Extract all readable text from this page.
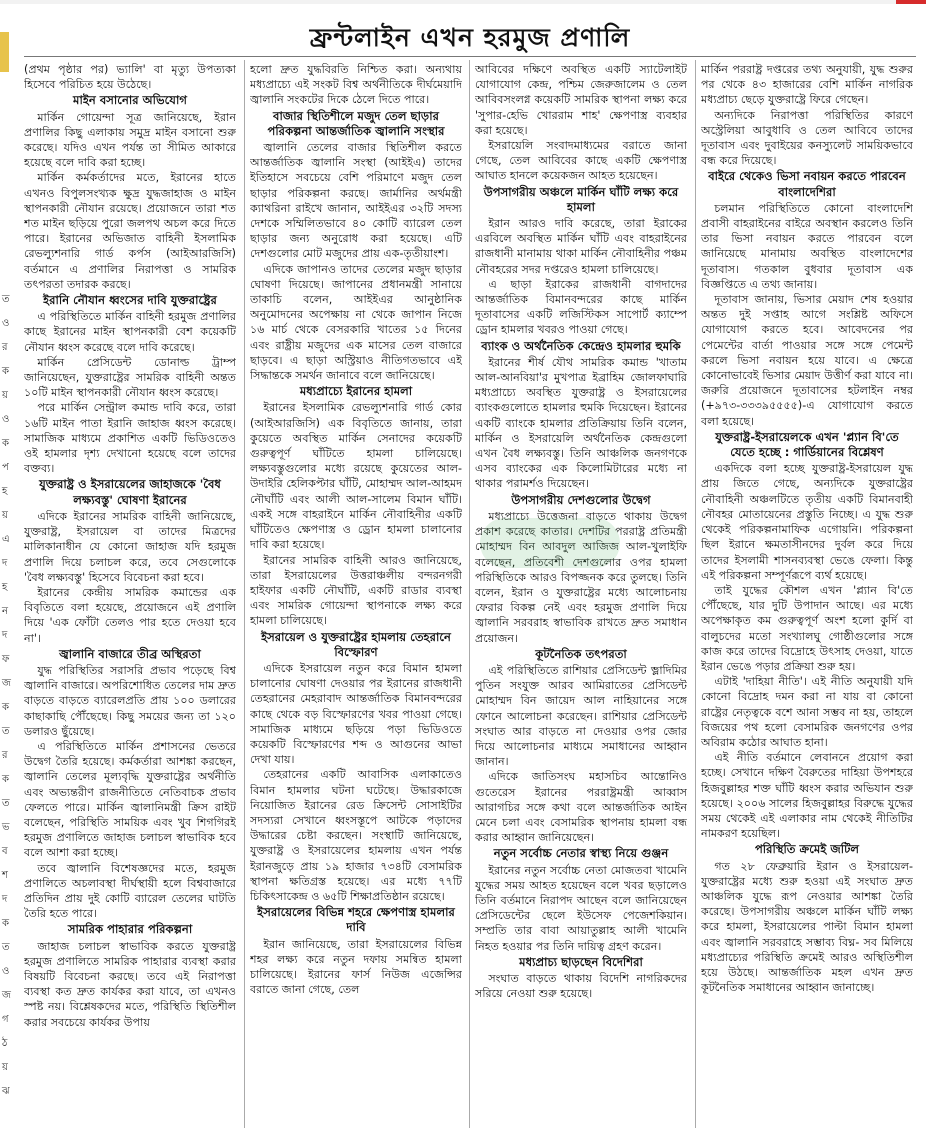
ত
ও
র
ক
য়
ও
ক
প
হ
য়
এ
দ
হ
ন
দ
ফ
জ
ক
ত
র
ক
ত
ভ
ব
শ
দ
ক
ত
ও
জ
গ
ঠ
য়
ঝ
ফ্রন্টলাইন এখন হরমুজ প্রণালি

(প্রথম পৃষ্ঠার পর) ভ্যালি' বা মৃত্যু উপত্যকা হিসেবে পরিচিত হয়ে উঠেছে।

মাইন বসানোর অভিযোগ

মার্কিন গোয়েন্দা সূত্র জানিয়েছে, ইরান প্রণালির কিছু এলাকায় সমুদ্র মাইন বসানো শুরু করেছে। যদিও এখন পর্যন্ত তা সীমিত আকারে হয়েছে বলে দাবি করা হচ্ছে।

মার্কিন কর্মকর্তাদের মতে, ইরানের হাতে এখনও বিপুলসংখ্যক ক্ষুদ্র যুদ্ধজাহাজ ও মাইন স্থাপনকারী নৌযান রয়েছে। প্রয়োজনে তারা শত শত মাইন ছড়িয়ে পুরো জলপথ অচল করে দিতে পারে। ইরানের অভিজাত বাহিনী ইসলামিক রেভল্যুশনারি গার্ড কর্পস (আইআরজিসি) বর্তমানে এ প্রণালির নিরাপত্তা ও সামরিক তৎপরতা তদারক করছে।

ইরানি নৌযান ধ্বংসের দাবি যুক্তরাষ্ট্রের

এ পরিস্থিতিতে মার্কিন বাহিনী হরমুজ প্রণালির কাছে ইরানের মাইন স্থাপনকারী বেশ কয়েকটি নৌযান ধ্বংস করেছে বলে দাবি করেছে।

মার্কিন প্রেসিডেন্ট ডোনাল্ড ট্রাম্প জানিয়েছেন, যুক্তরাষ্ট্রের সামরিক বাহিনী অন্তত ১০টি মাইন স্থাপনকারী নৌযান ধ্বংস করেছে।

পরে মার্কিন সেন্ট্রাল কমান্ড দাবি করে, তারা ১৬টি মাইন পাতা ইরানি জাহাজ ধ্বংস করেছে। সামাজিক মাধ্যমে প্রকাশিত একটি ভিডিওতেও ওই হামলার দৃশ্য দেখানো হয়েছে বলে তাদের বক্তব্য।

যুক্তরাষ্ট্র ও ইসরায়েলের জাহাজকে 'বৈধ লক্ষ্যবস্তু' ঘোষণা ইরানের

এদিকে ইরানের সামরিক বাহিনী জানিয়েছে, যুক্তরাষ্ট্র, ইসরায়েল বা তাদের মিত্রদের মালিকানাধীন যে কোনো জাহাজ যদি হরমুজ প্রণালি দিয়ে চলাচল করে, তবে সেগুলোকে 'বৈধ লক্ষ্যবস্তু' হিসেবে বিবেচনা করা হবে।

ইরানের কেন্দ্রীয় সামরিক কমান্ডের এক বিবৃতিতে বলা হয়েছে, প্রয়োজনে এই প্রণালি দিয়ে 'এক ফোঁটা তেলও পার হতে দেওয়া হবে না'।

জ্বালানি বাজারে তীব্র অস্থিরতা

যুদ্ধ পরিস্থিতির সরাসরি প্রভাব পড়েছে বিশ্ব জ্বালানি বাজারে। অপরিশোধিত তেলের দাম দ্রুত বাড়তে বাড়তে ব্যারেলপ্রতি প্রায় ১০০ ডলারের কাছাকাছি পৌঁছেছে। কিছু সময়ের জন্য তা ১২০ ডলারও ছুঁয়েছে।

এ পরিস্থিতিতে মার্কিন প্রশাসনের ভেতরে উদ্বেগ তৈরি হয়েছে। কর্মকর্তারা আশঙ্কা করছেন, জ্বালানি তেলের মূল্যবৃদ্ধি যুক্তরাষ্ট্রের অর্থনীতি এবং অভ্যন্তরীণ রাজনীতিতে নেতিবাচক প্রভাব ফেলতে পারে। মার্কিন জ্বালানিমন্ত্রী ক্রিস রাইট বলেছেন, পরিস্থিতি সাময়িক এবং খুব শিগগিরই হরমুজ প্রণালিতে জাহাজ চলাচল স্বাভাবিক হবে বলে আশা করা হচ্ছে।

তবে জ্বালানি বিশেষজ্ঞদের মতে, হরমুজ প্রণালিতে অচলাবস্থা দীর্ঘস্থায়ী হলে বিশ্ববাজারে প্রতিদিন প্রায় দুই কোটি ব্যারেল তেলের ঘাটতি তৈরি হতে পারে।

সামরিক পাহারার পরিকল্পনা

জাহাজ চলাচল স্বাভাবিক করতে যুক্তরাষ্ট্র হরমুজ প্রণালিতে সামরিক পাহারার ব্যবস্থা করার বিষয়টি বিবেচনা করছে। তবে এই নিরাপত্তা ব্যবস্থা কত দ্রুত কার্যকর করা যাবে, তা এখনও স্পষ্ট নয়। বিশ্লেষকদের মতে, পরিস্থিতি স্থিতিশীল করার সবচেয়ে কার্যকর উপায়

হলো দ্রুত যুদ্ধবিরতি নিশ্চিত করা। অন্যথায় মধ্যপ্রাচ্যে এই সংকট বিশ্ব অর্থনীতিকে দীর্ঘমেয়াদি জ্বালানি সংকটের দিকে ঠেলে দিতে পারে।

বাজার স্থিতিশীলে মজুদ তেল ছাড়ার পরিকল্পনা আন্তর্জাতিক জ্বালানি সংস্থার

জ্বালানি তেলের বাজার স্থিতিশীল করতে আন্তর্জাতিক জ্বালানি সংস্থা (আইইএ) তাদের ইতিহাসে সবচেয়ে বেশি পরিমাণে মজুদ তেল ছাড়ার পরিকল্পনা করছে। জার্মানির অর্থমন্ত্রী ক্যাথরিনা রাইখে জানান, আইইএর ৩২টি সদস্য দেশকে সম্মিলিতভাবে ৪০ কোটি ব্যারেল তেল ছাড়ার জন্য অনুরোধ করা হয়েছে। এটি দেশগুলোর মোট মজুদের প্রায় এক-তৃতীয়াংশ।

এদিকে জাপানও তাদের তেলের মজুদ ছাড়ার ঘোষণা দিয়েছে। জাপানের প্রধানমন্ত্রী সানায়ে তাকাচি বলেন, আইইএর আনুষ্ঠানিক অনুমোদনের অপেক্ষায় না থেকে জাপান নিজে ১৬ মার্চ থেকে বেসরকারি খাতের ১৫ দিনের এবং রাষ্ট্রীয় মজুদের এক মাসের তেল বাজারে ছাড়বে। এ ছাড়া অস্ট্রিয়াও নীতিগতভাবে এই সিদ্ধান্তকে সমর্থন জানাবে বলে জানিয়েছে।

মধ্যপ্রাচ্যে ইরানের হামলা

ইরানের ইসলামিক রেভল্যুশনারি গার্ড কোর (আইআরজিসি) এক বিবৃতিতে জানায়, তারা কুয়েতে অবস্থিত মার্কিন সেনাদের কয়েকটি গুরুত্বপূর্ণ ঘাঁটিতে হামলা চালিয়েছে। লক্ষ্যবস্তুগুলোর মধ্যে রয়েছে কুয়েতের আল-উদাইরি হেলিকপ্টার ঘাঁটি, মোহাম্মদ আল-আহমদ নৌঘাঁটি এবং আলী আল-সালেম বিমান ঘাঁটি। একই সঙ্গে বাহরাইনে মার্কিন নৌবাহিনীর একটি ঘাঁটিতেও ক্ষেপণাস্ত্র ও ড্রোন হামলা চালানোর দাবি করা হয়েছে।

ইরানের সামরিক বাহিনী আরও জানিয়েছে, তারা ইসরায়েলের উত্তরাঞ্চলীয় বন্দরনগরী হাইফার একটি নৌঘাঁটি, একটি রাডার ব্যবস্থা এবং সামরিক গোয়েন্দা স্থাপনাকে লক্ষ্য করে হামলা চালিয়েছে।

ইসরায়েল ও যুক্তরাষ্ট্রের হামলায় তেহরানে বিস্ফোরণ

এদিকে ইসরায়েল নতুন করে বিমান হামলা চালানোর ঘোষণা দেওয়ার পর ইরানের রাজধানী তেহরানের মেহরাবাদ আন্তর্জাতিক বিমানবন্দরের কাছে থেকে বড় বিস্ফোরণের খবর পাওয়া গেছে। সামাজিক মাধ্যমে ছড়িয়ে পড়া ভিডিওতে কয়েকটি বিস্ফোরণের শব্দ ও আগুনের আভা দেখা যায়।

তেহরানের একটি আবাসিক এলাকাতেও বিমান হামলার ঘটনা ঘটেছে। উদ্ধারকাজে নিয়োজিত ইরানের রেড ক্রিসেন্ট সোসাইটির সদস্যরা সেখানে ধ্বংসস্তূপে আটকে পড়াদের উদ্ধারের চেষ্টা করছেন। সংস্থাটি জানিয়েছে, যুক্তরাষ্ট্র ও ইসরায়েলের হামলায় এখন পর্যন্ত ইরানজুড়ে প্রায় ১৯ হাজার ৭৩৪টি বেসামরিক স্থাপনা ক্ষতিগ্রস্ত হয়েছে। এর মধ্যে ৭৭টি চিকিৎসাকেন্দ্র ও ৬৫টি শিক্ষাপ্রতিষ্ঠান রয়েছে।

ইসরায়েলের বিভিন্ন শহরে ক্ষেপণাস্ত্র হামলার দাবি

ইরান জানিয়েছে, তারা ইসরায়েলের বিভিন্ন শহর লক্ষ্য করে নতুন দফায় সমন্বিত হামলা চালিয়েছে। ইরানের ফার্স নিউজ এজেন্সির বরাতে জানা গেছে, তেল

আবিবের দক্ষিণে অবস্থিত একটি স্যাটেলাইট যোগাযোগ কেন্দ্র, পশ্চিম জেরুজালেম ও তেল আবিবসংলগ্ন কয়েকটি সামরিক স্থাপনা লক্ষ্য করে 'সুপার-হেভি খোররাম শাহ' ক্ষেপণাস্ত্র ব্যবহার করা হয়েছে।

ইসরায়েলি সংবাদমাধ্যমের বরাতে জানা গেছে, তেল আবিবের কাছে একটি ক্ষেপণাস্ত্র আঘাত হানলে কয়েকজন আহত হয়েছেন।

উপসাগরীয় অঞ্চলে মার্কিন ঘাঁটি লক্ষ্য করে হামলা

ইরান আরও দাবি করেছে, তারা ইরাকের এরবিলে অবস্থিত মার্কিন ঘাঁটি এবং বাহরাইনের রাজধানী মানামায় থাকা মার্কিন নৌবাহিনীর পঞ্চম নৌবহরের সদর দপ্তরেও হামলা চালিয়েছে।

এ ছাড়া ইরাকের রাজধানী বাগদাদের আন্তর্জাতিক বিমানবন্দরের কাছে মার্কিন দূতাবাসের একটি লজিস্টিকস সাপোর্ট ক্যাম্পে ড্রোন হামলার খবরও পাওয়া গেছে।

ব্যাংক ও অর্থনৈতিক কেন্দ্রেও হামলার হুমকি

ইরানের শীর্ষ যৌথ সামরিক কমান্ড 'খাতাম আল-আনবিয়া'র মুখপাত্র ইব্রাহিম জোলফাঘারি মধ্যপ্রাচ্যে অবস্থিত যুক্তরাষ্ট্র ও ইসরায়েলের ব্যাংকগুলোতে হামলার হুমকি দিয়েছেন। ইরানের একটি ব্যাংকে হামলার প্রতিক্রিয়ায় তিনি বলেন, মার্কিন ও ইসরায়েলি অর্থনৈতিক কেন্দ্রগুলো এখন বৈধ লক্ষ্যবস্তু। তিনি আঞ্চলিক জনগণকে এসব ব্যাংকের এক কিলোমিটারের মধ্যে না থাকার পরামর্শও দিয়েছেন।

উপসাগরীয় দেশগুলোর উদ্বেগ

মধ্যপ্রাচ্যে উত্তেজনা বাড়তে থাকায় উদ্বেগ প্রকাশ করেছে কাতার। দেশটির পররাষ্ট্র প্রতিমন্ত্রী মোহাম্মদ বিন আবদুল আজিজ আল-খুলাইফি বলেছেন, প্রতিবেশী দেশগুলোর ওপর হামলা পরিস্থিতিকে আরও বিপজ্জনক করে তুলছে। তিনি বলেন, ইরান ও যুক্তরাষ্ট্রের মধ্যে আলোচনায় ফেরার বিকল্প নেই এবং হরমুজ প্রণালি দিয়ে জ্বালানি সরবরাহ স্বাভাবিক রাখতে দ্রুত সমাধান প্রয়োজন।

কূটনৈতিক তৎপরতা

এই পরিস্থিতিতে রাশিয়ার প্রেসিডেন্ট ভ্লাদিমির পুতিন সংযুক্ত আরব আমিরাতের প্রেসিডেন্ট মোহাম্মদ বিন জায়েদ আল নাহিয়ানের সঙ্গে ফোনে আলোচনা করেছেন। রাশিয়ার প্রেসিডেন্ট সংঘাত আর বাড়তে না দেওয়ার ওপর জোর দিয়ে আলোচনার মাধ্যমে সমাধানের আহ্বান জানান।

এদিকে জাতিসংঘ মহাসচিব আন্তোনিও গুতেরেস ইরানের পররাষ্ট্রমন্ত্রী আব্বাস আরাগচির সঙ্গে কথা বলে আন্তর্জাতিক আইন মেনে চলা এবং বেসামরিক স্থাপনায় হামলা বন্ধ করার আহ্বান জানিয়েছেন।

নতুন সর্বোচ্চ নেতার স্বাস্থ্য নিয়ে গুঞ্জন

ইরানের নতুন সর্বোচ্চ নেতা মোজতবা খামেনি যুদ্ধের সময় আহত হয়েছেন বলে খবর ছড়ালেও তিনি বর্তমানে নিরাপদ আছেন বলে জানিয়েছেন প্রেসিডেন্টের ছেলে ইউসেফ পেজেশকিয়ান। সম্প্রতি তার বাবা আয়াতুল্লাহ আলী খামেনি নিহত হওয়ার পর তিনি দায়িত্ব গ্রহণ করেন।

মধ্যপ্রাচ্য ছাড়ছেন বিদেশিরা

সংঘাত বাড়তে থাকায় বিদেশি নাগরিকদের সরিয়ে নেওয়া শুরু হয়েছে।

মার্কিন পররাষ্ট্র দপ্তরের তথ্য অনুযায়ী, যুদ্ধ শুরুর পর থেকে ৪৩ হাজারের বেশি মার্কিন নাগরিক মধ্যপ্রাচ্য ছেড়ে যুক্তরাষ্ট্রে ফিরে গেছেন।

অন্যদিকে নিরাপত্তা পরিস্থিতির কারণে অস্ট্রেলিয়া আবুধাবি ও তেল আবিবে তাদের দূতাবাস এবং দুবাইয়ের কনস্যুলেট সাময়িকভাবে বন্ধ করে দিয়েছে।

বাইরে থেকেও ভিসা নবায়ন করতে পারবেন বাংলাদেশিরা

চলমান পরিস্থিতিতে কোনো বাংলাদেশি প্রবাসী বাহরাইনের বাইরে অবস্থান করলেও তিনি তার ভিসা নবায়ন করতে পারবেন বলে জানিয়েছে মানামায় অবস্থিত বাংলাদেশের দূতাবাস। গতকাল বুধবার দূতাবাস এক বিজ্ঞপ্তিতে এ তথ্য জানায়।

দূতাবাস জানায়, ভিসার মেয়াদ শেষ হওয়ার অন্তত দুই সপ্তাহ আগে সংশ্লিষ্ট অফিসে যোগাযোগ করতে হবে। আবেদনের পর পেমেন্টের বার্তা পাওয়ার সঙ্গে সঙ্গে পেমেন্ট করলে ভিসা নবায়ন হয়ে যাবে। এ ক্ষেত্রে কোনোভাবেই ভিসার মেয়াদ উত্তীর্ণ করা যাবে না। জরুরি প্রয়োজনে দূতাবাসের হটলাইন নম্বর (+৯৭৩-৩৩৩৯৫৫৫৫)-এ যোগাযোগ করতে বলা হয়েছে।

যুক্তরাষ্ট্র-ইসরায়েলকে এখন 'প্ল্যান বি'তে যেতে হচ্ছে : গার্ডিয়ানের বিশ্লেষণ

একদিকে বলা হচ্ছে যুক্তরাষ্ট্র-ইসরায়েল যুদ্ধ প্রায় জিতে গেছে, অন্যদিকে যুক্তরাষ্ট্রের নৌবাহিনী অঞ্চলটিতে তৃতীয় একটি বিমানবাহী নৌবহর মোতায়েনের প্রস্তুতি নিচ্ছে। এ যুদ্ধ শুরু থেকেই পরিকল্পনামাফিক এগোয়নি। পরিকল্পনা ছিল ইরানে ক্ষমতাসীনদের দুর্বল করে দিয়ে তাদের ইসলামী শাসনব্যবস্থা ভেঙে ফেলা। কিন্তু এই পরিকল্পনা সম্পূর্ণরূপে ব্যর্থ হয়েছে।

তাই যুদ্ধের কৌশল এখন 'প্ল্যান বি'তে পৌঁছেছে, যার দুটি উপাদান আছে। এর মধ্যে অপেক্ষাকৃত কম গুরুত্বপূর্ণ অংশ হলো কুর্দি বা বালুচদের মতো সংখ্যালঘু গোষ্ঠীগুলোর সঙ্গে কাজ করে তাদের বিদ্রোহে উৎসাহ দেওয়া, যাতে ইরান ভেঙে পড়ার প্রক্রিয়া শুরু হয়।

এটাই 'দাহিয়া নীতি'। এই নীতি অনুযায়ী যদি কোনো বিদ্রোহ দমন করা না যায় বা কোনো রাষ্ট্রের নেতৃত্বকে বশে আনা সম্ভব না হয়, তাহলে বিজয়ের পথ হলো বেসামরিক জনগণের ওপর অবিরাম কঠোর আঘাত হানা।

এই নীতি বর্তমানে লেবাননে প্রয়োগ করা হচ্ছে। সেখানে দক্ষিণ বৈরুতের দাহিয়া উপশহরে হিজবুল্লাহর শক্ত ঘাঁটি ধ্বংস করার অভিযান শুরু হয়েছে। ২০০৬ সালের হিজবুল্লাহর বিরুদ্ধে যুদ্ধের সময় থেকেই এই এলাকার নাম থেকেই নীতিটির নামকরণ হয়েছিল।

পরিস্থিতি ক্রমেই জটিল

গত ২৮ ফেব্রুয়ারি ইরান ও ইসরায়েল-যুক্তরাষ্ট্রের মধ্যে শুরু হওয়া এই সংঘাত দ্রুত আঞ্চলিক যুদ্ধে রূপ নেওয়ার আশঙ্কা তৈরি করেছে। উপসাগরীয় অঞ্চলে মার্কিন ঘাঁটি লক্ষ্য করে হামলা, ইসরায়েলের পাল্টা বিমান হামলা এবং জ্বালানি সরবরাহে সম্ভাব্য বিঘ্ন- সব মিলিয়ে মধ্যপ্রাচ্যের পরিস্থিতি ক্রমেই আরও অস্থিতিশীল হয়ে উঠছে। আন্তর্জাতিক মহল এখন দ্রুত কূটনৈতিক সমাধানের আহ্বান জানাচ্ছে।
